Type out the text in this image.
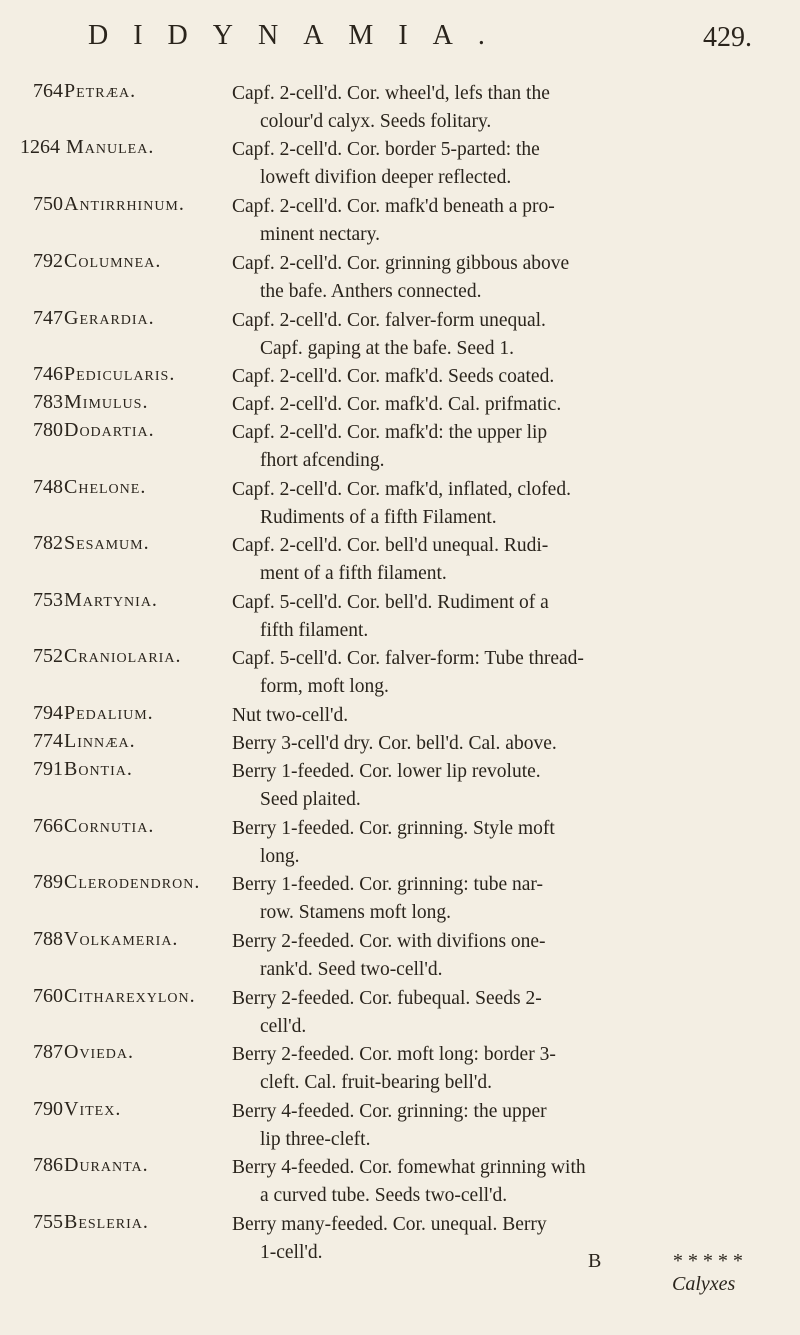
DIDYNAMIA.	429.
764 Petræa.	Capf. 2-cell'd. Cor. wheel'd, lefs than the
colour'd calyx. Seeds folitary.
1264 Manulea.	Capf. 2-cell'd. Cor. border 5-parted: the
loweft divifion deeper reflected.
750 Antirrhinum. Capf. 2-cell'd. Cor. mafk'd beneath a pro-
minent nectary.
792 Columnea.	Capf. 2-cell'd. Cor. grinning gibbous above
the bafe. Anthers connected.
747 Gerardia.	Capf. 2-cell'd. Cor. falver-form unequal.
Capf. gaping at the bafe. Seed 1.
746 Pedicularis.	Capf. 2-cell'd. Cor. mafk'd. Seeds coated.
783 Mimulus.	Capf. 2-cell'd. Cor. mafk'd. Cal. prifmatic.
780 Dodartia.	Capf. 2-cell'd. Cor. mafk'd: the upper lip
fhort afcending.
748 Chelone.	Capf. 2-cell'd. Cor. mafk'd, inflated, clofed.
Rudiments of a fifth Filament.
782 Sesamum.	Capf. 2-cell'd. Cor. bell'd unequal. Rudi-
ment of a fifth filament.
753 Martynia.	Capf. 5-cell'd. Cor. bell'd. Rudiment of a
fifth filament.
752 Craniolaria.	Capf. 5-cell'd. Cor. falver-form: Tube thread-
form, moft long.
794 Pedalium.	Nut two-cell'd.
774 Linnæa.	Berry 3-cell'd dry. Cor. bell'd. Cal. above.
791 Bontia.	Berry 1-feeded. Cor. lower lip revolute.
Seed plaited.
766 Cornutia.	Berry 1-feeded. Cor. grinning. Style moft
long.
789 Clerodendron. Berry 1-feeded. Cor. grinning: tube nar-
row. Stamens moft long.
788 Volkameria.	Berry 2-feeded. Cor. with divifions one-
rank'd. Seed two-cell'd.
760 Citharexylon. Berry 2-feeded. Cor. fubequal. Seeds 2-
cell'd.
787 Ovieda.	Berry 2-feeded. Cor. moft long: border 3-
cleft. Cal. fruit-bearing bell'd.
790 Vitex.	Berry 4-feeded. Cor. grinning: the upper
lip three-cleft.
786 Duranta.	Berry 4-feeded. Cor. fomewhat grinning with
a curved tube. Seeds two-cell'd.
755 Besleria.	Berry many-feeded. Cor. unequal. Berry
1-cell'd.	B	* * * * * Calyxes
